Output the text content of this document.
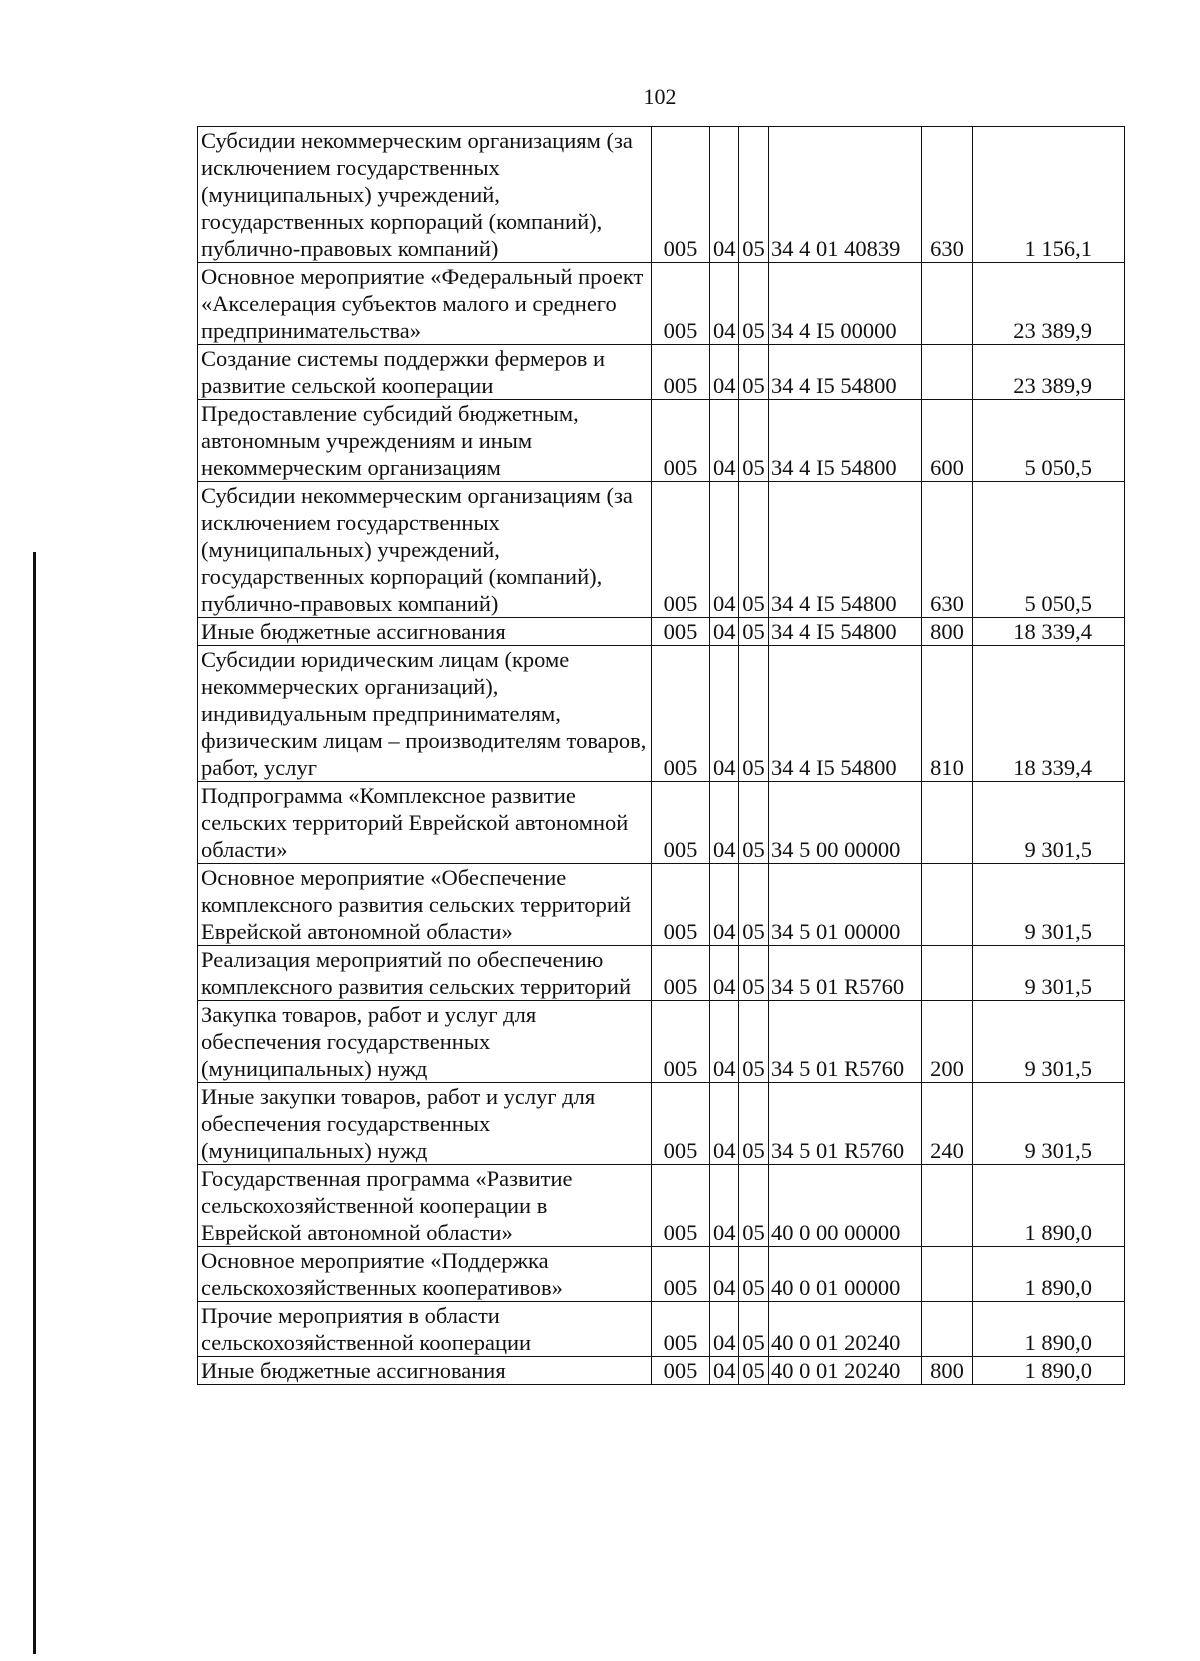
102
Субсидии некоммерческим организациям (за исключением государственных (муниципальных) учреждений, государственных корпораций (компаний), публично-правовых компаний)	005	04	05	34 4 01 40839	630	1 156,1
Основное мероприятие «Федеральный проект «Акселерация субъектов малого и среднего предпринимательства»	005	04	05	34 4 I5 00000		23 389,9
Создание системы поддержки фермеров и развитие сельской кооперации	005	04	05	34 4 I5 54800		23 389,9
Предоставление субсидий бюджетным, автономным учреждениям и иным некоммерческим организациям	005	04	05	34 4 I5 54800	600	5 050,5
Субсидии некоммерческим организациям (за исключением государственных (муниципальных) учреждений, государственных корпораций (компаний), публично-правовых компаний)	005	04	05	34 4 I5 54800	630	5 050,5
Иные бюджетные ассигнования	005	04	05	34 4 I5 54800	800	18 339,4
Субсидии юридическим лицам (кроме некоммерческих организаций), индивидуальным предпринимателям, физическим лицам – производителям товаров, работ, услуг	005	04	05	34 4 I5 54800	810	18 339,4
Подпрограмма «Комплексное развитие сельских территорий Еврейской автономной области»	005	04	05	34 5 00 00000		9 301,5
Основное мероприятие «Обеспечение комплексного развития сельских территорий Еврейской автономной области»	005	04	05	34 5 01 00000		9 301,5
Реализация мероприятий по обеспечению комплексного развития сельских территорий	005	04	05	34 5 01 R5760		9 301,5
Закупка товаров, работ и услуг для обеспечения государственных (муниципальных) нужд	005	04	05	34 5 01 R5760	200	9 301,5
Иные закупки товаров, работ и услуг для обеспечения государственных (муниципальных) нужд	005	04	05	34 5 01 R5760	240	9 301,5
Государственная программа «Развитие сельскохозяйственной кооперации в Еврейской автономной области»	005	04	05	40 0 00 00000		1 890,0
Основное мероприятие «Поддержка сельскохозяйственных кооперативов»	005	04	05	40 0 01 00000		1 890,0
Прочие мероприятия в области сельскохозяйственной кооперации	005	04	05	40 0 01 20240		1 890,0
Иные бюджетные ассигнования	005	04	05	40 0 01 20240	800	1 890,0
